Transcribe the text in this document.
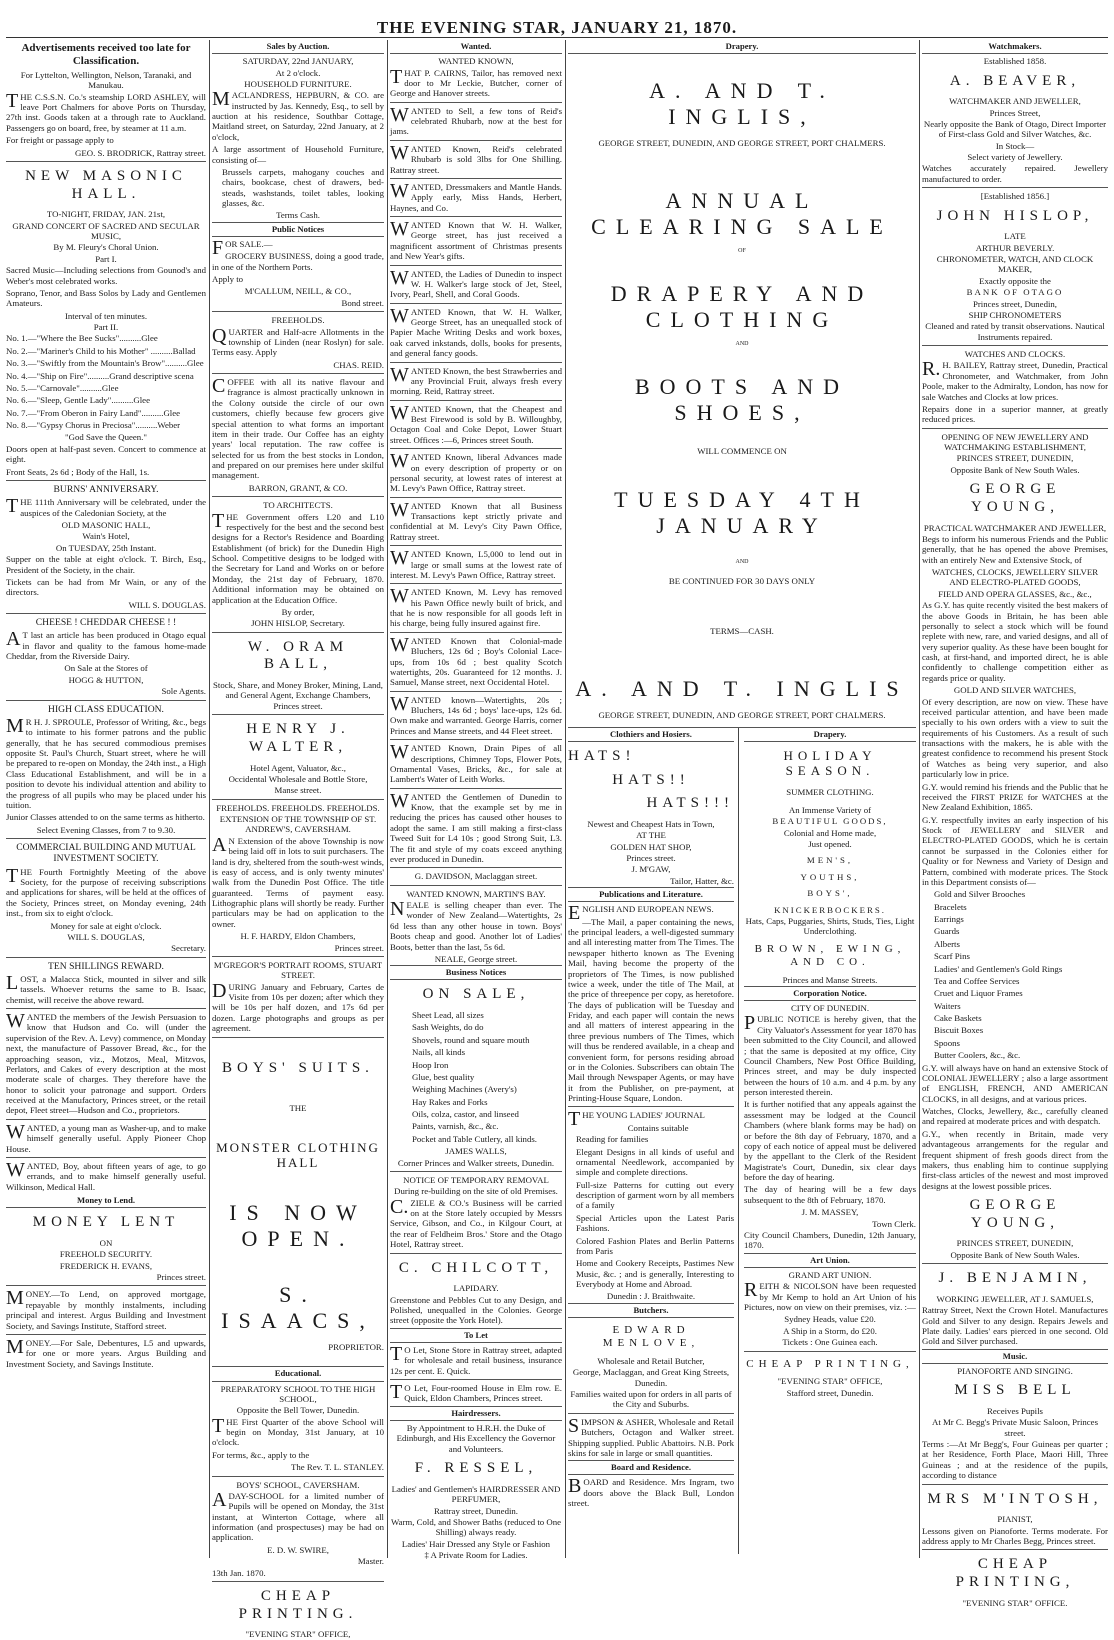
THE EVENING STAR, JANUARY 21, 1870.
Advertisements received too late for Classification.
For Lyttelton, Wellington, Nelson, Taranaki, and Manukau.
THE C.S.S.N. Co.'s steamship LORD ASHLEY, will leave Port Chalmers for above Ports on Thursday, 27th inst. Goods taken at a through rate to Auckland. Passengers go on board, free, by steamer at 11 a.m.
For freight or passage apply to
GEO. S. BRODRICK, Rattray street.
NEW MASONIC HALL.
TO-NIGHT, FRIDAY, JAN. 21st,
GRAND CONCERT OF SACRED AND SECULAR MUSIC,
By M. Fleury's Choral Union.
Part I.
Sacred Music—Including selections from Gounod's and Weber's most celebrated works.
Soprano, Tenor, and Bass Solos by Lady and Gentlemen Amateurs.
Interval of ten minutes.
Part II.
No. 1.—"Where the Bee Sucks"..........Glee
No. 2.—"Mariner's Child to his Mother" ..........Ballad
No. 3.—"Swiftly from the Mountain's Brow"..........Glee
No. 4.—"Ship on Fire"..........Grand descriptive scena
No. 5.—"Carnovale"..........Glee
No. 6.—"Sleep, Gentle Lady"..........Glee
No. 7.—"From Oberon in Fairy Land"..........Glee
No. 8.—"Gypsy Chorus in Preciosa"..........Weber
"God Save the Queen."
Doors open at half-past seven. Concert to commence at eight.
Front Seats, 2s 6d ; Body of the Hall, 1s.
BURNS' ANNIVERSARY.
THE 111th Anniversary will be celebrated, under the auspices of the Caledonian Society, at the
OLD MASONIC HALL,
Wain's Hotel,
On TUESDAY, 25th Instant.
Supper on the table at eight o'clock. T. Birch, Esq., President of the Society, in the chair.
Tickets can be had from Mr Wain, or any of the directors.
WILL S. DOUGLAS.
CHEESE ! CHEDDAR CHEESE ! !
AT last an article has been produced in Otago equal in flavor and quality to the famous home-made Cheddar, from the Riverside Dairy.
On Sale at the Stores of
HOGG & HUTTON,
Sole Agents.
HIGH CLASS EDUCATION.
MR H. J. SPROULE, Professor of Writing, &c., begs to intimate to his former patrons and the public generally, that he has secured commodious premises opposite St. Paul's Church, Stuart street, where he will be prepared to re-open on Monday, the 24th inst., a High Class Educational Establishment, and will be in a position to devote his individual attention and ability to the progress of all pupils who may be placed under his tuition.
Junior Classes attended to on the same terms as hitherto.
Select Evening Classes, from 7 to 9.30.
COMMERCIAL BUILDING AND MUTUAL INVESTMENT SOCIETY.
THE Fourth Fortnightly Meeting of the above Society, for the purpose of receiving subscriptions and applications for shares, will be held at the offices of the Society, Princes street, on Monday evening, 24th inst., from six to eight o'clock.
Money for sale at eight o'clock.
WILL S. DOUGLAS,
Secretary.
TEN SHILLINGS REWARD.
LOST, a Malacca Stick, mounted in silver and silk tassels. Whoever returns the same to B. Isaac, chemist, will receive the above reward.
WANTED the members of the Jewish Persuasion to know that Hudson and Co. will (under the supervision of the Rev. A. Levy) commence, on Monday next, the manufacture of Passover Bread, &c., for the approaching season, viz., Motzos, Meal, Mitzvos, Perlators, and Cakes of every description at the most moderate scale of charges. They therefore have the honor to solicit your patronage and support. Orders received at the Manufactory, Princes street, or the retail depot, Fleet street—Hudson and Co., proprietors.
WANTED, a young man as Washer-up, and to make himself generally useful. Apply Pioneer Chop House.
WANTED, Boy, about fifteen years of age, to go errands, and to make himself generally useful. Wilkinson, Medical Hall.
Money to Lend.
MONEY LENT
ON
FREEHOLD SECURITY.
FREDERICK H. EVANS,
Princes street.
MONEY.—To Lend, on approved mortgage, repayable by monthly instalments, including principal and interest. Argus Building and Investment Society, and Savings Institute, Stafford street.
MONEY.—For Sale, Debentures, L5 and upwards, for one or more years. Argus Building and Investment Society, and Savings Institute.
Sales by Auction.
SATURDAY, 22nd JANUARY,
At 2 o'clock.
HOUSEHOLD FURNITURE.
MACLANDRESS, HEPBURN, & CO. are instructed by Jas. Kennedy, Esq., to sell by auction at his residence, Southbar Cottage, Maitland street, on Saturday, 22nd January, at 2 o'clock,
A large assortment of Household Furniture, consisting of—
Brussels carpets, mahogany couches and chairs, bookcase, chest of drawers, bed-steads, washstands, toilet tables, looking glasses, &c.
Terms Cash.
Public Notices
FOR SALE.—
GROCERY BUSINESS, doing a good trade, in one of the Northern Ports.
Apply to
M'CALLUM, NEILL, & CO.,
Bond street.
FREEHOLDS.
QUARTER and Half-acre Allotments in the township of Linden (near Roslyn) for sale. Terms easy. Apply
CHAS. REID.
COFFEE with all its native flavour and fragrance is almost practically unknown in the Colony outside the circle of our own customers, chiefly because few grocers give special attention to what forms an important item in their trade. Our Coffee has an eighty years' local reputation. The raw coffee is selected for us from the best stocks in London, and prepared on our premises here under skilful management.
BARRON, GRANT, & CO.
TO ARCHITECTS.
THE Government offers L20 and L10 respectively for the best and the second best designs for a Rector's Residence and Boarding Establishment (of brick) for the Dunedin High School. Competitive designs to be lodged with the Secretary for Land and Works on or before Monday, the 21st day of February, 1870. Additional information may be obtained on application at the Education Office.
By order,
JOHN HISLOP, Secretary.
W. ORAM BALL,
Stock, Share, and Money Broker, Mining, Land, and General Agent, Exchange Chambers, Princes street.
HENRY J. WALTER,
Hotel Agent, Valuator, &c.,
Occidental Wholesale and Bottle Store,
Manse street.
FREEHOLDS. FREEHOLDS. FREEHOLDS.
EXTENSION OF THE TOWNSHIP OF ST. ANDREW'S, CAVERSHAM.
AN Extension of the above Township is now being laid off in lots to suit purchasers. The land is dry, sheltered from the south-west winds, is easy of access, and is only twenty minutes' walk from the Dunedin Post Office. The title guaranteed. Terms of payment easy. Lithographic plans will shortly be ready. Further particulars may be had on application to the owner.
H. F. HARDY, Eldon Chambers,
Princes street.
M'GREGOR'S PORTRAIT ROOMS, STUART STREET.
DURING January and February, Cartes de Visite from 10s per dozen; after which they will be 10s per half dozen, and 17s 6d per dozen. Large photographs and groups as per agreement.
BOYS' SUITS.
THE
MONSTER CLOTHING HALL
IS NOW OPEN.
S. ISAACS,
PROPRIETOR.
Educational.
PREPARATORY SCHOOL TO THE HIGH SCHOOL,
Opposite the Bell Tower, Dunedin.
THE First Quarter of the above School will begin on Monday, 31st January, at 10 o'clock.
For terms, &c., apply to the
The Rev. T. L. STANLEY.
BOYS' SCHOOL, CAVERSHAM.
ADAY-SCHOOL for a limited number of Pupils will be opened on Monday, the 31st instant, at Winterton Cottage, where all information (and prospectuses) may be had on application.
E. D. W. SWIRE,
Master.
13th Jan. 1870.
CHEAP PRINTING.
"EVENING STAR" OFFICE,
Wanted.
WANTED KNOWN,
THAT P. CAIRNS, Tailor, has removed next door to Mr Leckie, Butcher, corner of George and Hanover streets.
WANTED to Sell, a few tons of Reid's celebrated Rhubarb, now at the best for jams.
WANTED Known, Reid's celebrated Rhubarb is sold 3lbs for One Shilling. Rattray street.
WANTED, Dressmakers and Mantle Hands. Apply early, Miss Hands, Herbert, Haynes, and Co.
WANTED Known that W. H. Walker, George street, has just received a magnificent assortment of Christmas presents and New Year's gifts.
WANTED, the Ladies of Dunedin to inspect W. H. Walker's large stock of Jet, Steel, Ivory, Pearl, Shell, and Coral Goods.
WANTED Known, that W. H. Walker, George Street, has an unequalled stock of Papier Mache Writing Desks and work boxes, oak carved inkstands, dolls, books for presents, and general fancy goods.
WANTED Known, the best Strawberries and any Provincial Fruit, always fresh every morning. Reid, Rattray street.
WANTED Known, that the Cheapest and Best Firewood is sold by B. Willoughby, Octagon Coal and Coke Depot, Lower Stuart street. Offices :—6, Princes street South.
WANTED Known, liberal Advances made on every description of property or on personal security, at lowest rates of interest at M. Levy's Pawn Office, Rattray street.
WANTED Known that all Business Transactions kept strictly private and confidential at M. Levy's City Pawn Office, Rattray street.
WANTED Known, L5,000 to lend out in large or small sums at the lowest rate of interest. M. Levy's Pawn Office, Rattray street.
WANTED Known, M. Levy has removed his Pawn Office newly built of brick, and that he is now responsible for all goods left in his charge, being fully insured against fire.
WANTED Known that Colonial-made Bluchers, 12s 6d ; Boy's Colonial Lace-ups, from 10s 6d ; best quality Scotch watertights, 20s. Guaranteed for 12 months. J. Samuel, Manse street, next Occidental Hotel.
WANTED known—Watertights, 20s ; Bluchers, 14s 6d ; boys' lace-ups, 12s 6d. Own make and warranted. George Harris, corner Princes and Manse streets, and 44 Fleet street.
WANTED Known, Drain Pipes of all descriptions, Chimney Tops, Flower Pots, Ornamental Vases, Bricks, &c., for sale at Lambert's Water of Leith Works.
WANTED the Gentlemen of Dunedin to Know, that the example set by me in reducing the prices has caused other houses to adopt the same. I am still making a first-class Tweed Suit for L4 10s ; good Strong Suit, L3. The fit and style of my coats exceed anything ever produced in Dunedin.
G. DAVIDSON, Maclaggan street.
WANTED KNOWN, MARTIN'S BAY.
NEALE is selling cheaper than ever. The wonder of New Zealand—Watertights, 2s 6d less than any other house in town. Boys' Boots cheap and good. Another lot of Ladies' Boots, better than the last, 5s 6d.
NEALE, George street.
Business Notices
ON SALE,
Sheet Lead, all sizes
Sash Weights, do do
Shovels, round and square mouth
Nails, all kinds
Hoop Iron
Glue, best quality
Weighing Machines (Avery's)
Hay Rakes and Forks
Oils, colza, castor, and linseed
Paints, varnish, &c., &c.
Pocket and Table Cutlery, all kinds.
JAMES WALLS,
Corner Princes and Walker streets, Dunedin.
NOTICE OF TEMPORARY REMOVAL
During re-building on the site of old Premises.
C.ZIELE & CO.'s Business will be carried on at the Store lately occupied by Messrs Service, Gibson, and Co., in Kilgour Court, at the rear of Feldheim Bros.' Store and the Otago Hotel, Rattray street.
C. CHILCOTT,
LAPIDARY.
Greenstone and Pebbles Cut to any Design, and Polished, unequalled in the Colonies. George street (opposite the York Hotel).
To Let
TO Let, Stone Store in Rattray street, adapted for wholesale and retail business, insurance 12s per cent. E. Quick.
TO Let, Four-roomed House in Elm row. E. Quick, Eldon Chambers, Princes street.
Hairdressers.
By Appointment to H.R.H. the Duke of Edinburgh, and His Excellency the Governor and Volunteers.
F. RESSEL,
Ladies' and Gentlemen's HAIRDRESSER AND PERFUMER,
Rattray street, Dunedin.
Warm, Cold, and Shower Baths (reduced to One Shilling) always ready.
Ladies' Hair Dressed any Style or Fashion
‡ A Private Room for Ladies.
Drapery.
A. AND T. INGLIS,
GEORGE STREET, DUNEDIN, AND GEORGE STREET, PORT CHALMERS.
ANNUAL CLEARING SALE
OF
DRAPERY AND CLOTHING
AND
BOOTS AND SHOES,
WILL COMMENCE ON
TUESDAY 4TH JANUARY
AND
BE CONTINUED FOR 30 DAYS ONLY
TERMS—CASH.
A. AND T. INGLIS
GEORGE STREET, DUNEDIN, AND GEORGE STREET, PORT CHALMERS.
Clothiers and Hosiers.
HATS!
HATS!!
HATS!!!
Newest and Cheapest Hats in Town,
AT THE
GOLDEN HAT SHOP,
Princes street.
J. M'GAW,
Tailor, Hatter, &c.
Publications and Literature.
ENGLISH AND EUROPEAN NEWS.
—The Mail, a paper containing the news, the principal leaders, a well-digested summary and all interesting matter from The Times. The newspaper hitherto known as The Evening Mail, having become the property of the proprietors of The Times, is now published twice a week, under the title of The Mail, at the price of threepence per copy, as heretofore. The days of publication will be Tuesday and Friday, and each paper will contain the news and all matters of interest appearing in the three previous numbers of The Times, which will thus be rendered available, in a cheap and convenient form, for persons residing abroad or in the Colonies. Subscribers can obtain The Mail through Newspaper Agents, or may have it from the Publisher, on pre-payment, at Printing-House Square, London.
THE YOUNG LADIES' JOURNAL
Contains suitable
Reading for families
Elegant Designs in all kinds of useful and ornamental Needlework, accompanied by simple and complete directions.
Full-size Patterns for cutting out every description of garment worn by all members of a family
Special Articles upon the Latest Paris Fashions.
Colored Fashion Plates and Berlin Patterns from Paris
Home and Cookery Receipts, Pastimes New Music, &c. ; and is generally, Interesting to Everybody at Home and Abroad.
Dunedin : J. Braithwaite.
Butchers.
EDWARD MENLOVE,
Wholesale and Retail Butcher,
George, Maclaggan, and Great King Streets, Dunedin.
Families waited upon for orders in all parts of the City and Suburbs.
SIMPSON & ASHER, Wholesale and Retail Butchers, Octagon and Walker street. Shipping supplied. Public Abattoirs. N.B. Pork skins for sale in large or small quantities.
Board and Residence.
BOARD and Residence. Mrs Ingram, two doors above the Black Bull, London street.
Drapery.
HOLIDAY SEASON.
SUMMER CLOTHING.
An Immense Variety of
BEAUTIFUL GOODS,
Colonial and Home made,
Just opened.
MEN'S,
YOUTHS,
BOYS',
KNICKERBOCKERS.
Hats, Caps, Puggaries, Shirts, Studs, Ties, Light Underclothing.
BROWN, EWING, AND CO.
Princes and Manse Streets.
Corporation Notice.
CITY OF DUNEDIN.
PUBLIC NOTICE is hereby given, that the City Valuator's Assessment for year 1870 has been submitted to the City Council, and allowed ; that the same is deposited at my office, City Council Chambers, New Post Office Building, Princes street, and may be duly inspected between the hours of 10 a.m. and 4 p.m. by any person interested therein.
It is further notified that any appeals against the assessment may be lodged at the Council Chambers (where blank forms may be had) on or before the 8th day of February, 1870, and a copy of each notice of appeal must be delivered by the appellant to the Clerk of the Resident Magistrate's Court, Dunedin, six clear days before the day of hearing.
The day of hearing will be a few days subsequent to the 8th of February, 1870.
J. M. MASSEY,
Town Clerk.
City Council Chambers, Dunedin, 12th January, 1870.
Art Union.
GRAND ART UNION.
REITH & NICOLSON have been requested by Mr Kemp to hold an Art Union of his Pictures, now on view on their premises, viz. :—
Sydney Heads, value £20.
A Ship in a Storm, do £20.
Tickets : One Guinea each.
CHEAP PRINTING,
"EVENING STAR" OFFICE,
Stafford street, Dunedin.
Watchmakers.
Established 1858.
A. BEAVER,
WATCHMAKER AND JEWELLER,
Princes Street,
Nearly opposite the Bank of Otago, Direct Importer of First-class Gold and Silver Watches, &c.
In Stock—
Select variety of Jewellery.
Watches accurately repaired. Jewellery manufactured to order.
[Established 1856.]
JOHN HISLOP,
LATE
ARTHUR BEVERLY.
CHRONOMETER, WATCH, AND CLOCK MAKER,
Exactly opposite the
BANK OF OTAGO
Princes street, Dunedin,
SHIP CHRONOMETERS
Cleaned and rated by transit observations. Nautical Instruments repaired.
WATCHES AND CLOCKS.
R.H. BAILEY, Rattray street, Dunedin, Practical Chronometer, and Watchmaker, from John Poole, maker to the Admiralty, London, has now for sale Watches and Clocks at low prices.
Repairs done in a superior manner, at greatly reduced prices.
OPENING OF NEW JEWELLERY AND WATCHMAKING ESTABLISHMENT,
PRINCES STREET, DUNEDIN,
Opposite Bank of New South Wales.
GEORGE YOUNG,
PRACTICAL WATCHMAKER AND JEWELLER,
Begs to inform his numerous Friends and the Public generally, that he has opened the above Premises, with an entirely New and Extensive Stock, of
WATCHES, CLOCKS, JEWELLERY SILVER AND ELECTRO-PLATED GOODS,
FIELD AND OPERA GLASSES, &c., &c.,
As G.Y. has quite recently visited the best makers of the above Goods in Britain, he has been able personally to select a stock which will be found replete with new, rare, and varied designs, and all of very superior quality. As these have been bought for cash, at first-hand, and imported direct, he is able confidently to challenge competition either as regards price or quality.
GOLD AND SILVER WATCHES,
Of every description, are now on view. These have received particular attention, and have been made specially to his own orders with a view to suit the requirements of his Customers. As a result of such transactions with the makers, he is able with the greatest confidence to recommend his present Stock of Watches as being very superior, and also particularly low in price.
G.Y. would remind his friends and the Public that he received the FIRST PRIZE for WATCHES at the New Zealand Exhibition, 1865.
G.Y. respectfully invites an early inspection of his Stock of JEWELLERY and SILVER and ELECTRO-PLATED GOODS, which he is certain cannot be surpassed in the Colonies either for Quality or for Newness and Variety of Design and Pattern, combined with moderate prices. The Stock in this Department consists of—
Gold and Silver Brooches
Bracelets
Earrings
Guards
Alberts
Scarf Pins
Ladies' and Gentlemen's Gold Rings
Tea and Coffee Services
Cruet and Liquor Frames
Waiters
Cake Baskets
Biscuit Boxes
Spoons
Butter Coolers, &c., &c.
G.Y. will always have on hand an extensive Stock of COLONIAL JEWELLERY ; also a large assortment of ENGLISH, FRENCH, AND AMERICAN CLOCKS, in all designs, and at various prices.
Watches, Clocks, Jewellery, &c., carefully cleaned and repaired at moderate prices and with despatch.
G.Y., when recently in Britain, made very advantageous arrangements for the regular and frequent shipment of fresh goods direct from the makers, thus enabling him to continue supplying first-class articles of the newest and most improved designs at the lowest possible prices.
GEORGE YOUNG,
PRINCES STREET, DUNEDIN,
Opposite Bank of New South Wales.
J. BENJAMIN,
WORKING JEWELLER, AT J. SAMUELS,
Rattray Street, Next the Crown Hotel. Manufactures Gold and Silver to any design. Repairs Jewels and Plate daily. Ladies' ears pierced in one second. Old Gold and Silver purchased.
Music.
PIANOFORTE AND SINGING.
MISS BELL
Receives Pupils
At Mr C. Begg's Private Music Saloon, Princes street.
Terms :—At Mr Begg's, Four Guineas per quarter ; at her Residence, Forth Place, Maori Hill, Three Guineas ; and at the residence of the pupils, according to distance
MRS M'INTOSH,
PIANIST,
Lessons given on Pianoforte. Terms moderate. For address apply to Mr Charles Begg, Princes street.
CHEAP PRINTING,
"EVENING STAR" OFFICE.
